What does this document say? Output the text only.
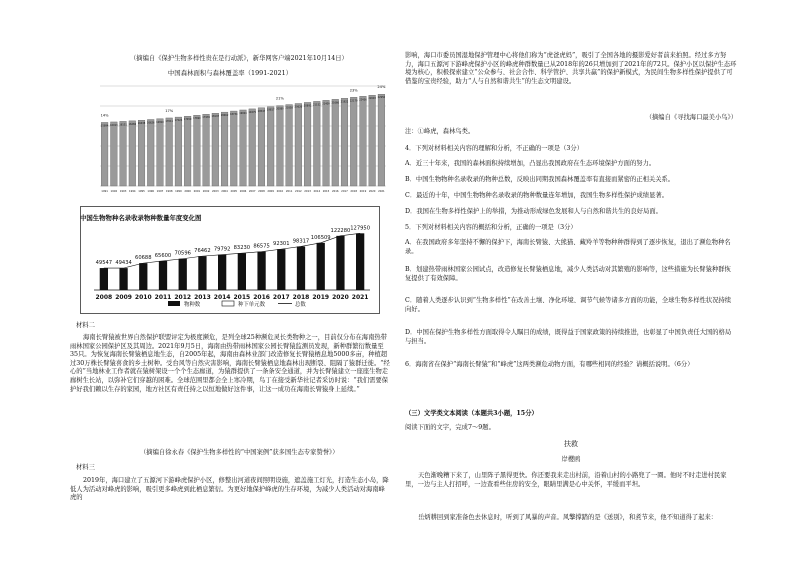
（摘编自《保护生物多样性贵在是行动派》，新华网客户端2021年10月14日）
中国森林面积与森林覆盖率（1991-2021）
15894
1991
14%
16013
1992
16151
1993
16286
1994
16438
1995
16626
1996
16810
1997
17011
1998
17%
17224
1999
17450
2000
17690
2001
17939
2002
18197
2003
18462
2004
18734
2005
19004
2006
19275
2007
19547
2008
19817
2009
20089
2010
21%
20358
2011
20626
2012
20891
2013
21152
2014
21409
2015
21666
2016
21922
2017
22179
2018
23%
22436
2019
22693
2020
22950
2021
24%
中国生物物种名录收录物种数量年度变化图
49547
2008
49434
2009
60688
2010
65600
2011
70596
2012
76462
2013
79792
2014
83230
2015
86575
2016
92301
2017
98317
2018
106509
2019
122280
2020
127950
2021
物种数	种下单元数	总数
材料二

海南长臂猿被世界自然保护联盟评定为极度濒危，是列全球25种濒危灵长类物种之一，目前仅分布在海南热带雨林国家公园保护区及其周边。2021年9月5日，海南由热带雨林国家公园长臂猿监测员发现，新种群繁衍数量至35只。为恢复海南长臂猿栖息地生态，自2005年起，海南由森林业部门改造修复长臂猿栖息地5000多亩，种植超过30万株长臂猿喜食的乡土树种。受台风等自然灾害影响，海南长臂猿栖息地森林出现断裂、阻隔了猿群迁徙。“经心的”当地林业工作者就在猿树架设一个个生态廊道，为猿群提供了一条条安全通道，并为长臂猿建立一座座生物走廊树生长站，以弥补它们穿越的困难。全球范围里都会全上寒冷期，鸟丁在接受新华社记者采访时说：“我们需要保护好我们赖以生存的家园，地方社区有责任持之以恒地做好这件事，让这一成功在海南长臂猿身上延续。”

（摘编自徐永春《保护生物多样性的“中国案例”获多国生态专家赞誉》）
材料三

2019年，海口建立了五源河下游峰虎保护小区，修整出河道夜间照明设施，遮盖施工灯光，打造生态小岛，降低人为活动对峰虎的影响，吸引更多峰虎到此栖息繁衍。为更好地保护峰虎的生存环境，为减少人类活动对海南峰虎的

影响，海口市委员国湿地保护管理中心将他们称为“虎爸虎妈”，吸引了全国各地的摄影爱好者前来拍照。经过多方努力，海口五源河下游峰虎保护小区的峰虎种群数量已从2018年的26只增加到了2021年的72只。保护小区以保护生态环境为核心，积极探索建立“公众参与、社会合作、科学管护、共享共赢”的保护新模式，为民间生物多样性保护提供了可借鉴的宝贵经验，助力“人与自然和谐共生”的生态文明建设。

（摘编自《寻找海口最美小鸟》）
注：①峰虎，森林鸟类。
4．下列对材料相关内容的理解和分析，不正确的一项是（3分）
A．近三十年来，我国的森林面积持续增加，凸显出我国政府在生态环境保护方面的努力。
B．中国生物物种名录收录的物种总数，反映出同期我国森林覆盖率有直接而紧密的正相关关系。
C．最近的十年，中国生物物种名录收录的物种数量连年增加，我国生物多样性保护成绩显著。
D．我国在生物多样性保护上的举措，为推动形成绿色发展和人与自然和谐共生的良好局面。
5．下列对材料相关内容的概括和分析，正确的一项是（3分）
A．在我国政府多年坚持不懈的保护下，海南长臂猿、大熊猫、藏羚羊等物种种群得到了逐步恢复，退出了濒危物种名录。
B．划建热带雨林国家公园试点，改造修复长臂猿栖息地，减少人类活动对其繁殖的影响等，这些措施为长臂猿种群恢复提供了有效保障。
C．随着人类逐步认识到“生物多样性”在改善土壤、净化环境、调节气候等诸多方面的功能，全球生物多样性状况持续向好。
D．中国在保护生物多样性方面取得令人瞩目的成绩，既得益于国家政策的持续推进，也彰显了中国负责任大国的格局与担当。
6．海南省在保护“海南长臂猿”和“峰虎”这两类濒危动物方面，有哪些相同的经验？请概括说明。（6分）
（三）文学类文本阅读（本题共3小题，15分）
阅读下面的文字，完成7～9题。
扶救
岸樱鸥

天色渐晚糟下来了，山里阵子黑得更快。你还要我来走出村前，沿着山村的小路兜了一圈。他时不时走进村民家里，一边与主人打招呼，一边查看些住房的安全，眼睛里满是心中关怀，平缓而平坦。

岳炳耕回到家准备色去休息时，听到了风暴的声音。风擎撑踏的是《送别》，和煮节来，他不知道得了起来：
